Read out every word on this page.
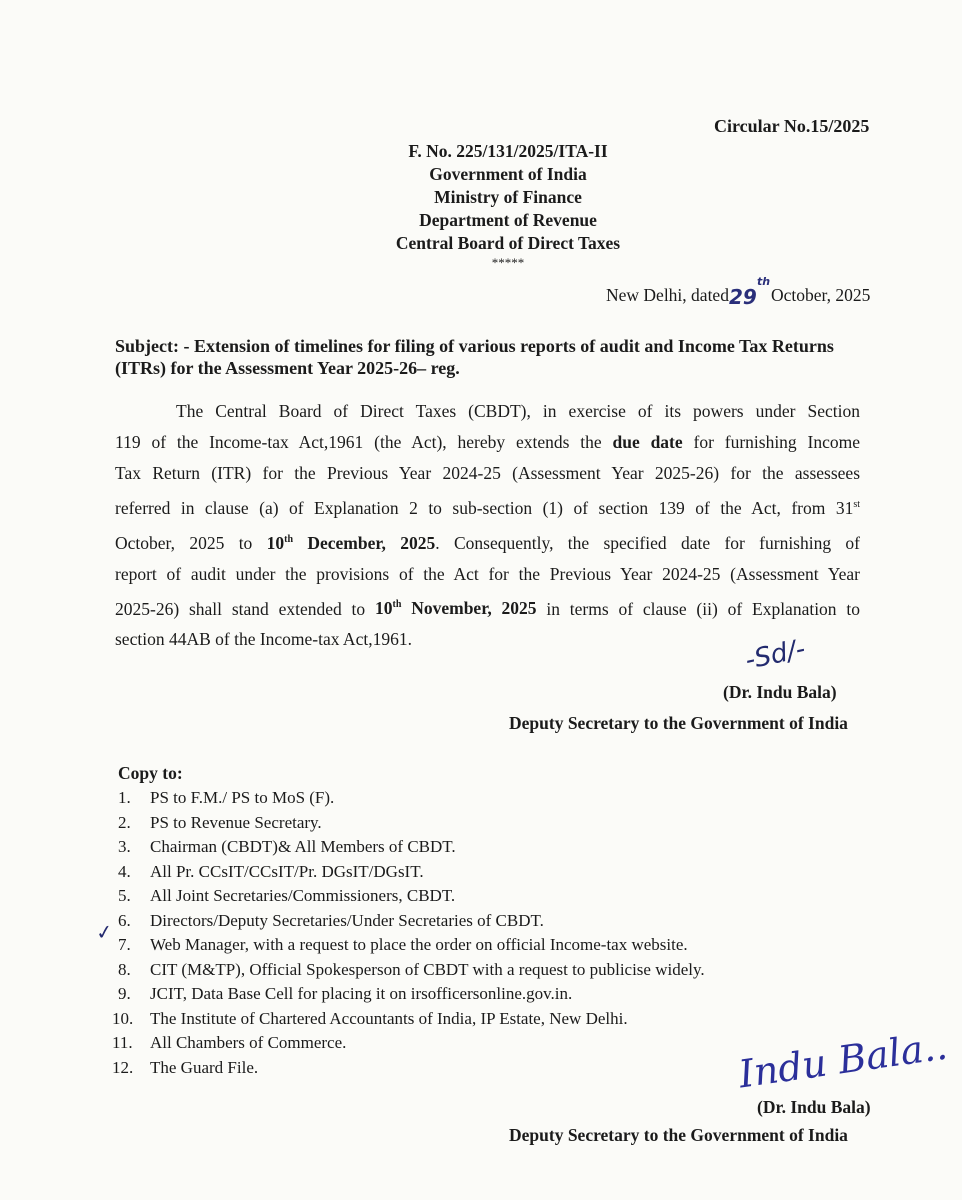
Circular No.15/2025
F. No. 225/131/2025/ITA-II
Government of India
Ministry of Finance
Department of Revenue
Central Board of Direct Taxes
*****
New Delhi, dated29
th
October, 2025
Subject: - Extension of timelines for filing of various reports of audit and Income Tax Returns (ITRs) for the Assessment Year 2025-26– reg.
The Central Board of Direct Taxes (CBDT), in exercise of its powers under Section
119 of the Income-tax Act,1961 (the Act), hereby extends the due date for furnishing Income
Tax Return (ITR) for the Previous Year 2024-25 (Assessment Year 2025-26) for the assessees
referred in clause (a) of Explanation 2 to sub-section (1) of section 139 of the Act, from 31st
October, 2025 to 10th December, 2025. Consequently, the specified date for furnishing of
report of audit under the provisions of the Act for the Previous Year 2024-25 (Assessment Year
2025-26) shall stand extended to 10th November, 2025 in terms of clause (ii) of Explanation to
section 44AB of the Income-tax Act,1961.	-Sd/-
(Dr. Indu Bala)
Deputy Secretary to the Government of India
Copy to:
1. PS to F.M./ PS to MoS (F).
2. PS to Revenue Secretary.
3. Chairman (CBDT)& All Members of CBDT.
4. All Pr. CCsIT/CCsIT/Pr. DGsIT/DGsIT.
5. All Joint Secretaries/Commissioners, CBDT.
6. Directors/Deputy Secretaries/Under Secretaries of CBDT.
7. Web Manager, with a request to place the order on official Income-tax website.
8. CIT (M&TP), Official Spokesperson of CBDT with a request to publicise widely.
9. JCIT, Data Base Cell for placing it on irsofficersonline.gov.in.
10. The Institute of Chartered Accountants of India, IP Estate, New Delhi.
11. All Chambers of Commerce.
12. The Guard File.
✓
Indu Bala..
(Dr. Indu Bala)
Deputy Secretary to the Government of India
